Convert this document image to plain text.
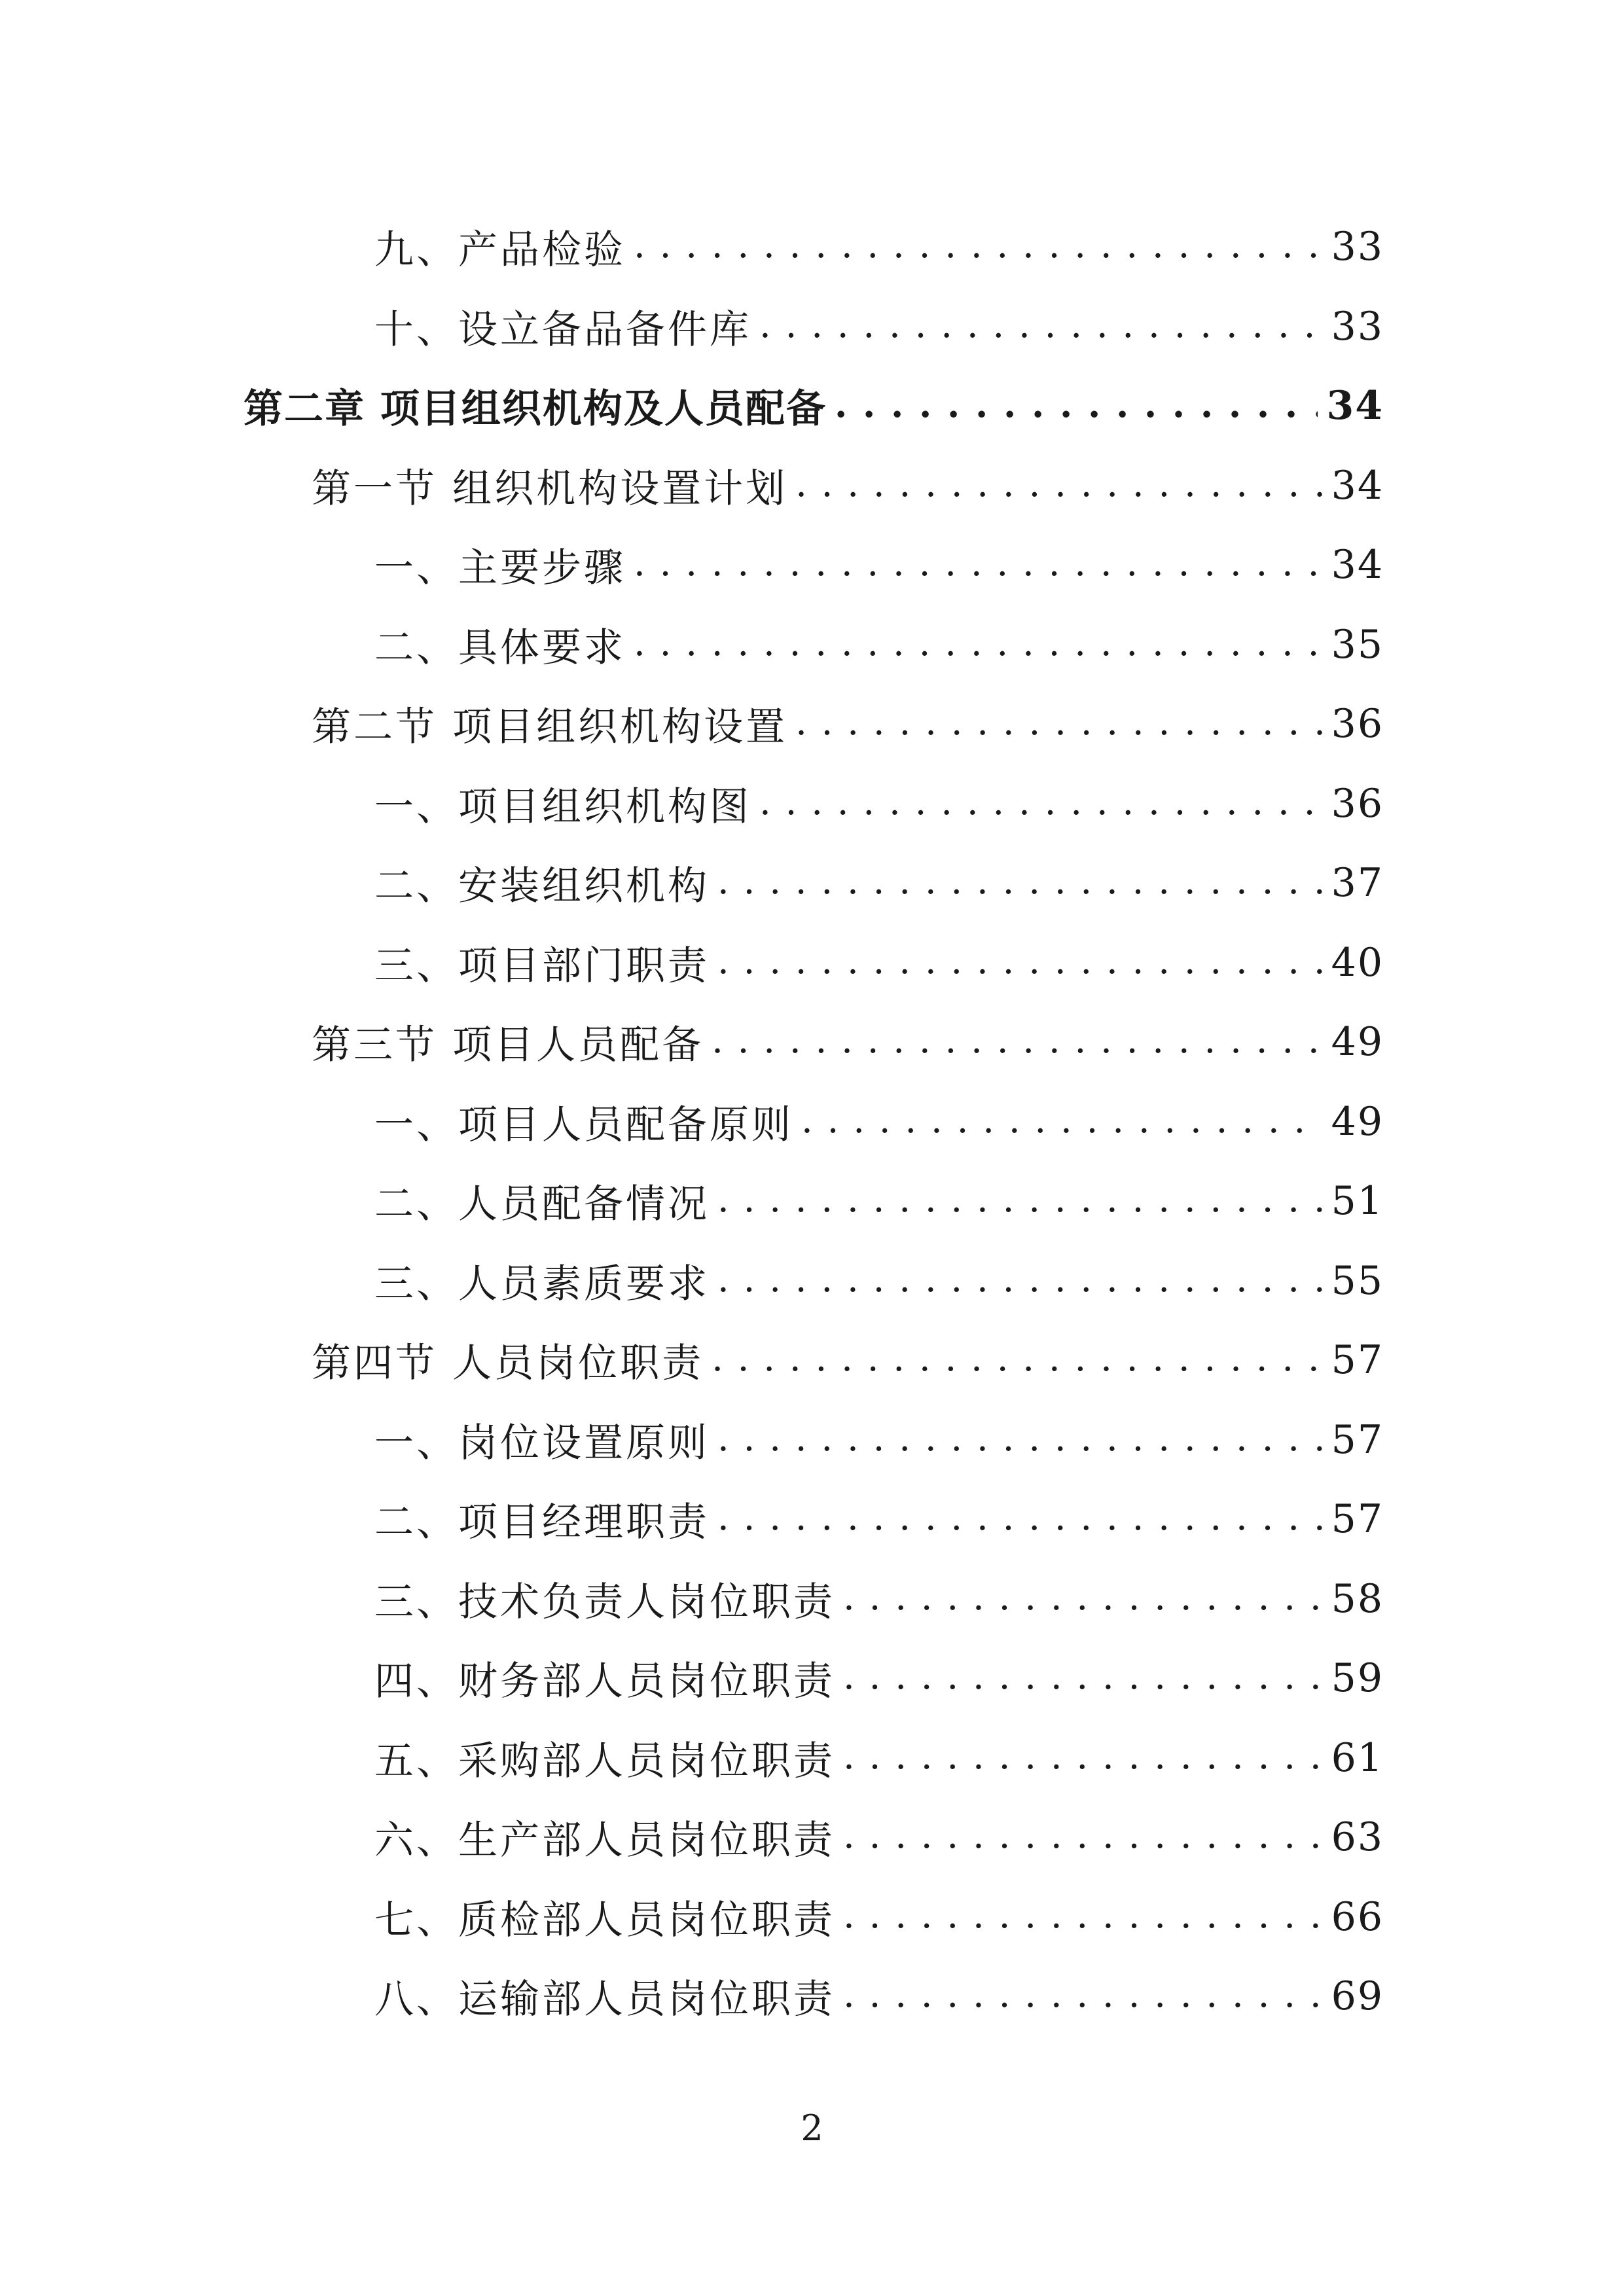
九、产品检验 . . .	33
十、设立备品备件库 . . .	33
第二章 项目组织机构及人员配备 . . .	34
第一节 组织机构设置计划 . . .	34
一、主要步骤 . . .	34
二、具体要求 . . .	35
第二节 项目组织机构设置 . . .	36
一、项目组织机构图 . . .	36
二、安装组织机构 . . .	37
三、项目部门职责 . . .	40
第三节 项目人员配备 . . .	49
一、项目人员配备原则 . . .	49
二、人员配备情况 . . .	51
三、人员素质要求 . . .	55
第四节 人员岗位职责 . . .	57
一、岗位设置原则 . . .	57
二、项目经理职责 . . .	57
三、技术负责人岗位职责 . . .	58
四、财务部人员岗位职责 . . .	59
五、采购部人员岗位职责 . . .	61
六、生产部人员岗位职责 . . .	63
七、质检部人员岗位职责 . . .	66
八、运输部人员岗位职责 . . .	69
2
